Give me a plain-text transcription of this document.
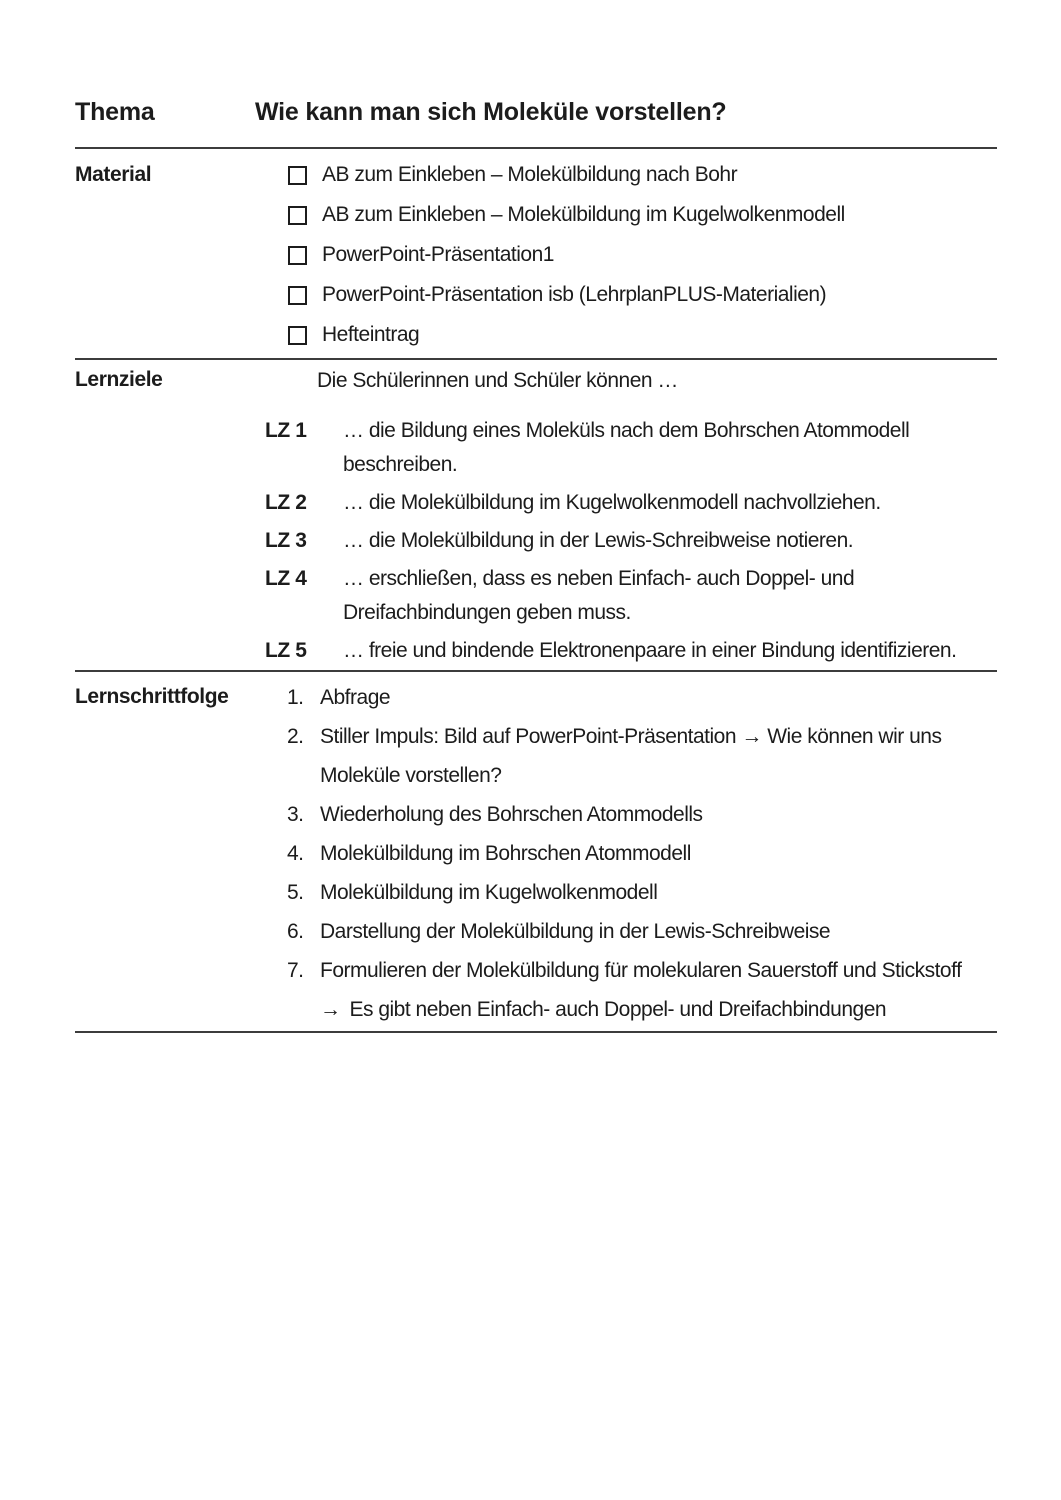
Thema	Wie kann man sich Moleküle vorstellen?
Material	AB zum Einkleben – Molekülbildung nach Bohr
AB zum Einkleben – Molekülbildung im Kugelwolkenmodell
PowerPoint-Präsentation1
PowerPoint-Präsentation isb (LehrplanPLUS-Materialien)
Hefteintrag
Lernziele	Die Schülerinnen und Schüler können …
LZ 1	… die Bildung eines Moleküls nach dem Bohrschen Atommodell beschreiben.
LZ 2	… die Molekülbildung im Kugelwolkenmodell nachvollziehen.
LZ 3	… die Molekülbildung in der Lewis-Schreibweise notieren.
LZ 4	… erschließen, dass es neben Einfach- auch Doppel- und Dreifachbindungen geben muss.
LZ 5	… freie und bindende Elektronenpaare in einer Bindung identifizieren.
Lernschrittfolge	1. Abfrage
2. Stiller Impuls: Bild auf PowerPoint-Präsentation → Wie können wir uns Moleküle vorstellen?
3. Wiederholung des Bohrschen Atommodells
4. Molekülbildung im Bohrschen Atommodell
5. Molekülbildung im Kugelwolkenmodell
6. Darstellung der Molekülbildung in der Lewis-Schreibweise
7. Formulieren der Molekülbildung für molekularen Sauerstoff und Stickstoff
→ Es gibt neben Einfach- auch Doppel- und Dreifachbindungen
